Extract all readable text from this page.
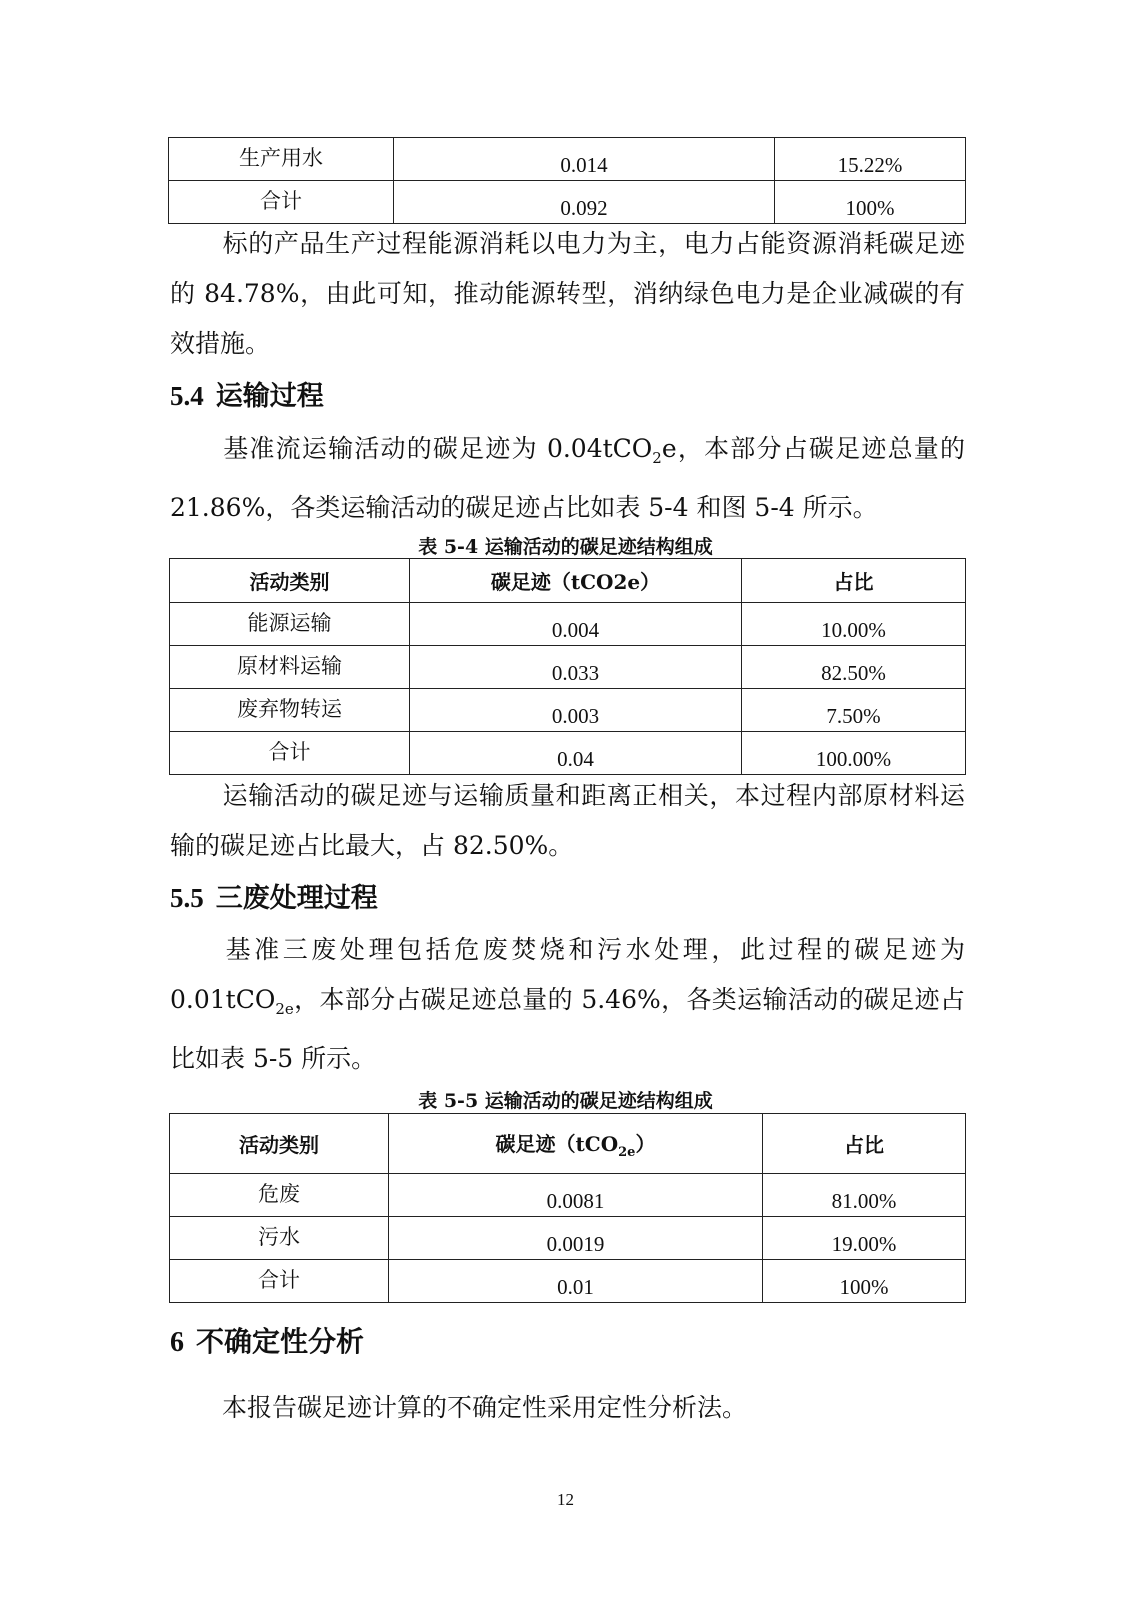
生产用水	0.014	15.22%
合计	0.092	100%

标的产品生产过程能源消耗以电力为主，电力占能资源消耗碳足迹的 84.78%，由此可知，推动能源转型，消纳绿色电力是企业减碳的有效措施。

5.4 运输过程

基准流运输活动的碳足迹为 0.04tCO$_2$e，本部分占碳足迹总量的 21.86%，各类运输活动的碳足迹占比如表 5-4 和图 5-4 所示。

表 5-4 运输活动的碳足迹结构组成

活动类别	碳足迹（tCO2e）	占比
能源运输	0.004	10.00%
原材料运输	0.033	82.50%
废弃物转运	0.003	7.50%
合计	0.04	100.00%

运输活动的碳足迹与运输质量和距离正相关，本过程内部原材料运输的碳足迹占比最大，占 82.50%。

5.5 三废处理过程

基准三废处理包括危废焚烧和污水处理，此过程的碳足迹为 0.01tCO$_{2e}$，本部分占碳足迹总量的 5.46%，各类运输活动的碳足迹占比如表 5-5 所示。

表 5-5 运输活动的碳足迹结构组成

活动类别	碳足迹（tCO$_{2e}$）	占比
危废	0.0081	81.00%
污水	0.0019	19.00%
合计	0.01	100%
6 不确定性分析

本报告碳足迹计算的不确定性采用定性分析法。

12
